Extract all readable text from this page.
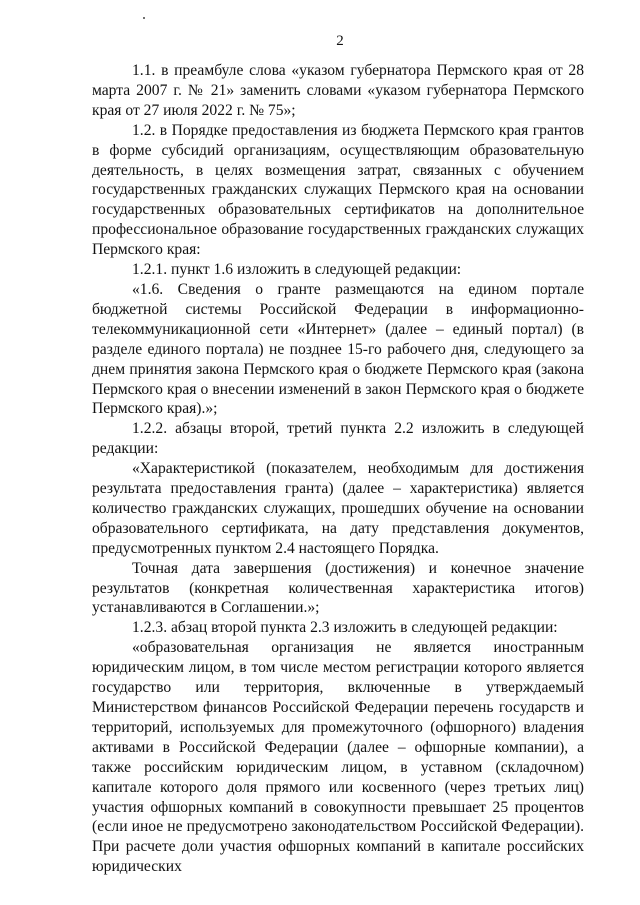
2

1.1. в преамбуле слова «указом губернатора Пермского края от 28 марта 2007 г. № 21» заменить словами «указом губернатора Пермского края от 27 июля 2022 г. № 75»;

1.2. в Порядке предоставления из бюджета Пермского края грантов в форме субсидий организациям, осуществляющим образовательную деятельность, в целях возмещения затрат, связанных с обучением государственных гражданских служащих Пермского края на основании государственных образовательных сертификатов на дополнительное профессиональное образование государственных гражданских служащих Пермского края:

1.2.1. пункт 1.6 изложить в следующей редакции:

«1.6. Сведения о гранте размещаются на едином портале бюджетной системы Российской Федерации в информационно-телекоммуникационной сети «Интернет» (далее – единый портал) (в разделе единого портала) не позднее 15-го рабочего дня, следующего за днем принятия закона Пермского края о бюджете Пермского края (закона Пермского края о внесении изменений в закон Пермского края о бюджете Пермского края).»;

1.2.2. абзацы второй, третий пункта 2.2 изложить в следующей редакции:

«Характеристикой (показателем, необходимым для достижения результата предоставления гранта) (далее – характеристика) является количество гражданских служащих, прошедших обучение на основании образовательного сертификата, на дату представления документов, предусмотренных пунктом 2.4 настоящего Порядка.

Точная дата завершения (достижения) и конечное значение результатов (конкретная количественная характеристика итогов) устанавливаются в Соглашении.»;

1.2.3. абзац второй пункта 2.3 изложить в следующей редакции:

«образовательная организация не является иностранным юридическим лицом, в том числе местом регистрации которого является государство или территория, включенные в утверждаемый Министерством финансов Российской Федерации перечень государств и территорий, используемых для промежуточного (офшорного) владения активами в Российской Федерации (далее – офшорные компании), а также российским юридическим лицом, в уставном (складочном) капитале которого доля прямого или косвенного (через третьих лиц) участия офшорных компаний в совокупности превышает 25 процентов (если иное не предусмотрено законодательством Российской Федерации). При расчете доли участия офшорных компаний в капитале российских юридических
